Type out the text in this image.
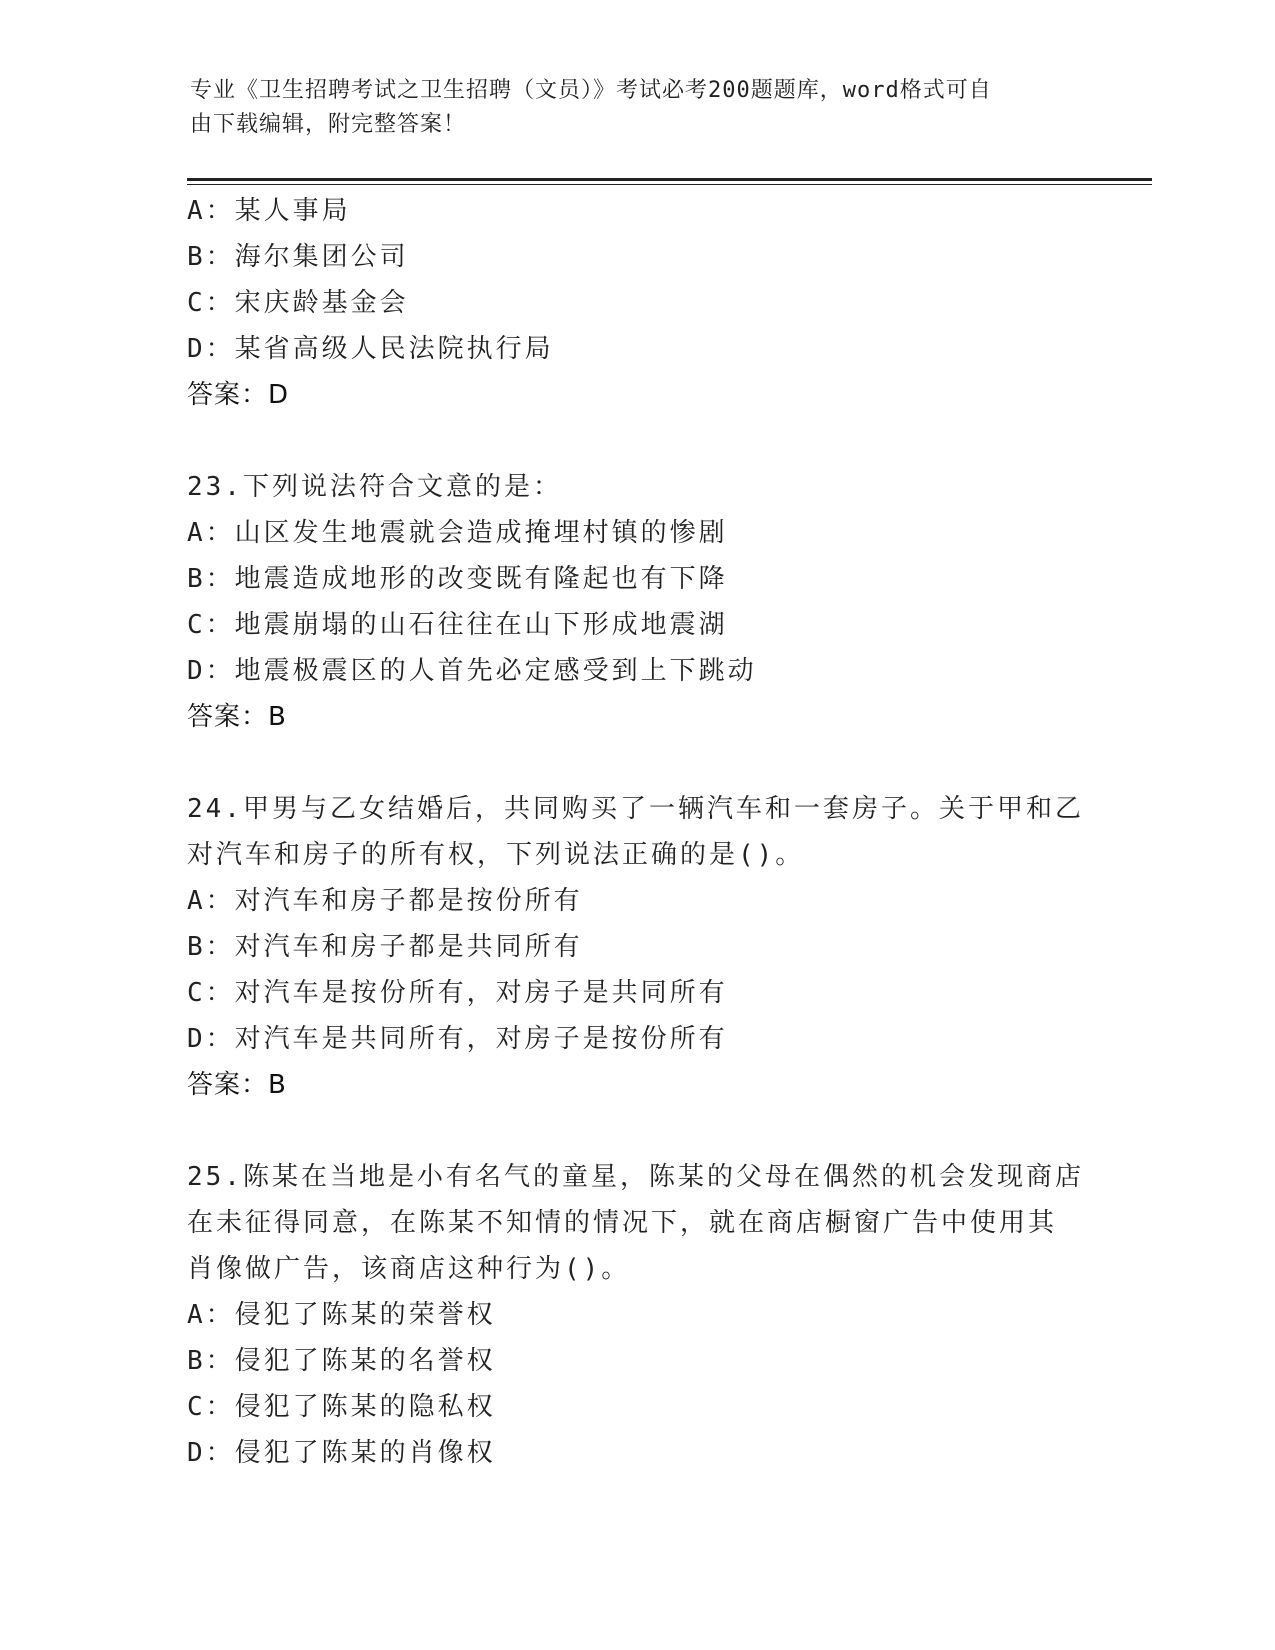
专业《卫生招聘考试之卫生招聘（文员）》考试必考200题题库，word格式可自
由下载编辑，附完整答案！
A：某人事局
B：海尔集团公司
C：宋庆龄基金会
D：某省高级人民法院执行局
答案：D
23.下列说法符合文意的是：
A：山区发生地震就会造成掩埋村镇的惨剧
B：地震造成地形的改变既有隆起也有下降
C：地震崩塌的山石往往在山下形成地震湖
D：地震极震区的人首先必定感受到上下跳动
答案：B
24.甲男与乙女结婚后，共同购买了一辆汽车和一套房子。关于甲和乙
对汽车和房子的所有权，下列说法正确的是()。
A：对汽车和房子都是按份所有
B：对汽车和房子都是共同所有
C：对汽车是按份所有，对房子是共同所有
D：对汽车是共同所有，对房子是按份所有
答案：B
25.陈某在当地是小有名气的童星，陈某的父母在偶然的机会发现商店
在未征得同意，在陈某不知情的情况下，就在商店橱窗广告中使用其
肖像做广告，该商店这种行为()。
A：侵犯了陈某的荣誉权
B：侵犯了陈某的名誉权
C：侵犯了陈某的隐私权
D：侵犯了陈某的肖像权
